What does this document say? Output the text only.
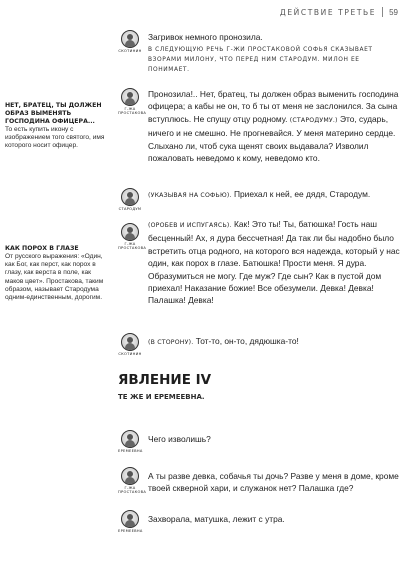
ДЕЙСТВИЕ ТРЕТЬЕ 59
НЕТ, БРАТЕЦ, ТЫ ДОЛЖЕН ОБРАЗ ВЫМЕНЯТЬ ГОСПОДИНА ОФИЦЕРА...
То есть купить икону с изображением того святого, имя которого носит офицер.
КАК ПОРОХ В ГЛАЗЕ
От русского выражения: «Один, как Бог, как перст, как порох в глазу, как верста в поле, как маков цвет». Простакова, таким образом, называет Стародума одним-единственным, дорогим.
СКОТИНИН
Г-ЖА ПРОСТАКОВА
СТАРОДУМ
Г-ЖА ПРОСТАКОВА
СКОТИНИН
ЕРЕМЕЕВНА
Г-ЖА ПРОСТАКОВА
ЕРЕМЕЕВНА
Загривок немного пронозила.
В СЛЕДУЮЩУЮ РЕЧЬ Г-ЖИ ПРОСТАКОВОЙ СОФЬЯ СКАЗЫВАЕТ ВЗОРАМИ МИЛОНУ, ЧТО ПЕРЕД НИМ СТАРОДУМ. МИЛОН ЕЕ ПОНИМАЕТ.
Пронозила!.. Нет, братец, ты должен образ выменить господина офицера; а кабы не он, то б ты от меня не заслонился. За сына вступлюсь. Не спущу отцу родному. (СТАРОДУМУ.) Это, сударь, ничего и не смешно. Не прогневайся. У меня материно сердце. Слыхано ли, чтоб сука щенят своих выдавала? Изволил пожаловать неведомо к кому, неведомо кто.
(УКАЗЫВАЯ НА СОФЬЮ). Приехал к ней, ее дядя, Стародум.
(ОРОБЕВ И ИСПУГАЯСЬ). Как! Это ты! Ты, батюшка! Гость наш бесценный! Ах, я дура бессчетная! Да так ли бы надобно было встретить отца родного, на которого вся надежда, который у нас один, как порох в глазе. Батюшка! Прости меня. Я дура. Образумиться не могу. Где муж? Где сын? Как в пустой дом приехал! Наказание божие! Все обезумели. Девка! Девка! Палашка! Девка!
(В СТОРОНУ). Тот-то, он-то, дядюшка-то!
ЯВЛЕНИЕ IV
ТЕ ЖЕ И ЕРЕМЕЕВНА.
Чего изволишь?
А ты разве девка, собачья ты дочь? Разве у меня в доме, кроме твоей скверной хари, и служанок нет? Палашка где?
Захворала, матушка, лежит с утра.
